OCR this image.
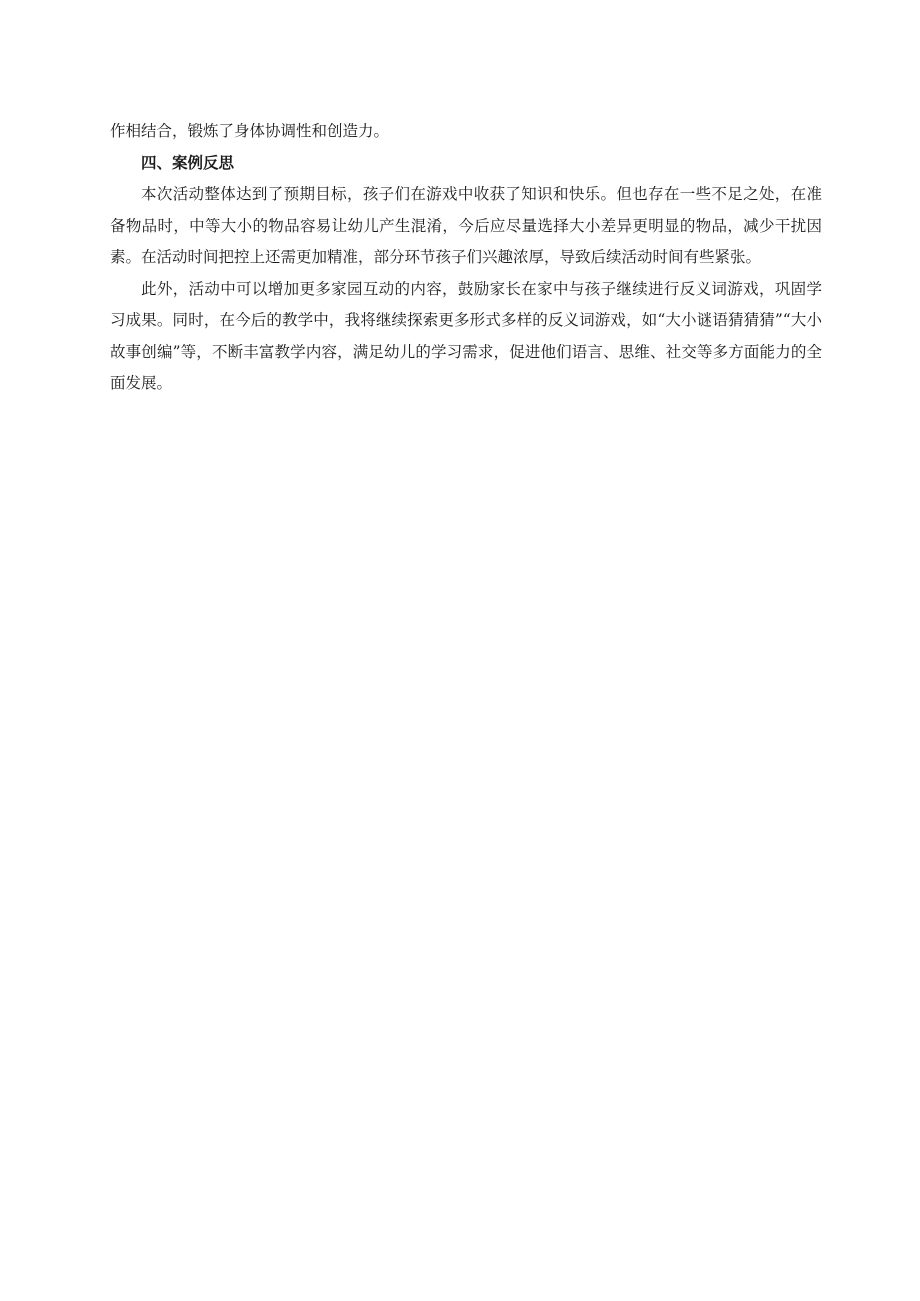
作相结合，锻炼了身体协调性和创造力。

四、案例反思

本次活动整体达到了预期目标，孩子们在游戏中收获了知识和快乐。但也存在一些不足之处，在准备物品时，中等大小的物品容易让幼儿产生混淆，今后应尽量选择大小差异更明显的物品，减少干扰因素。在活动时间把控上还需更加精准，部分环节孩子们兴趣浓厚，导致后续活动时间有些紧张。

此外，活动中可以增加更多家园互动的内容，鼓励家长在家中与孩子继续进行反义词游戏，巩固学习成果。同时，在今后的教学中，我将继续探索更多形式多样的反义词游戏，如“大小谜语猜猜猜”“大小故事创编”等，不断丰富教学内容，满足幼儿的学习需求，促进他们语言、思维、社交等多方面能力的全面发展。
